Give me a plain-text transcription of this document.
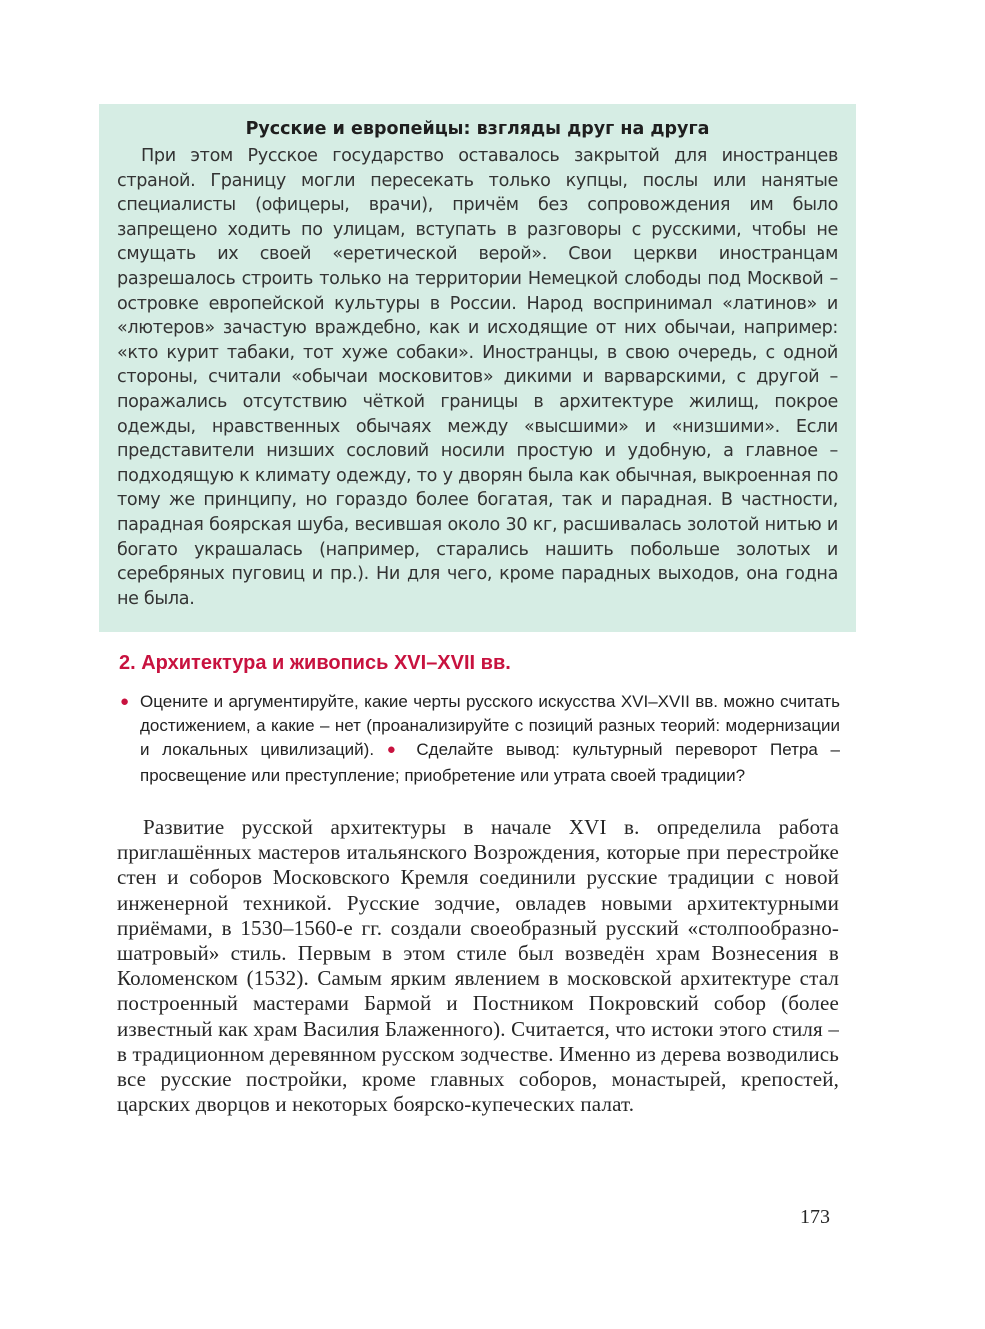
Русские и европейцы: взгляды друг на друга

При этом Русское государство оставалось закрытой для иностранцев страной. Границу могли пересекать только купцы, послы или нанятые специалисты (офицеры, врачи), причём без сопровождения им было запрещено ходить по улицам, вступать в разговоры с русскими, чтобы не смущать их своей «еретической верой». Свои церкви иностранцам разрешалось строить только на территории Немецкой слободы под Москвой – островке европейской культуры в России. Народ воспринимал «латинов» и «лютеров» зачастую враждебно, как и исходящие от них обычаи, например: «кто курит табаки, тот хуже собаки». Иностранцы, в свою очередь, с одной стороны, считали «обычаи московитов» дикими и варварскими, с другой – поражались отсутствию чёткой границы в архитектуре жилищ, покрое одежды, нравственных обычаях между «высшими» и «низшими». Если представители низших сословий носили простую и удобную, а главное – подходящую к климату одежду, то у дворян была как обычная, выкроенная по тому же принципу, но гораздо более богатая, так и парадная. В частности, парадная боярская шуба, весившая около 30 кг, расшивалась золотой нитью и богато украшалась (например, старались нашить побольше золотых и серебряных пуговиц и пр.). Ни для чего, кроме парадных выходов, она годна не была.

2. Архитектура и живопись XVI–XVII вв.

● Оцените и аргументируйте, какие черты русского искусства XVI–XVII вв. можно считать достижением, а какие – нет (проанализируйте с позиций разных теорий: модернизации и локальных цивилизаций). ● Сделайте вывод: культурный переворот Петра – просвещение или преступление; приобретение или утрата своей традиции?

Развитие русской архитектуры в начале XVI в. определила работа приглашённых мастеров итальянского Возрождения, которые при перестройке стен и соборов Московского Кремля соединили русские традиции с новой инженерной техникой. Русские зодчие, овладев новыми архитектурными приёмами, в 1530–1560-е гг. создали своеобразный русский «столпообразно-шатровый» стиль. Первым в этом стиле был возведён храм Вознесения в Коломенском (1532). Самым ярким явлением в московской архитектуре стал построенный мастерами Бармой и Постником Покровский собор (более известный как храм Василия Блаженного). Считается, что истоки этого стиля – в традиционном деревянном русском зодчестве. Именно из дерева возводились все русские постройки, кроме главных соборов, монастырей, крепостей, царских дворцов и некоторых боярско-купеческих палат.

173
